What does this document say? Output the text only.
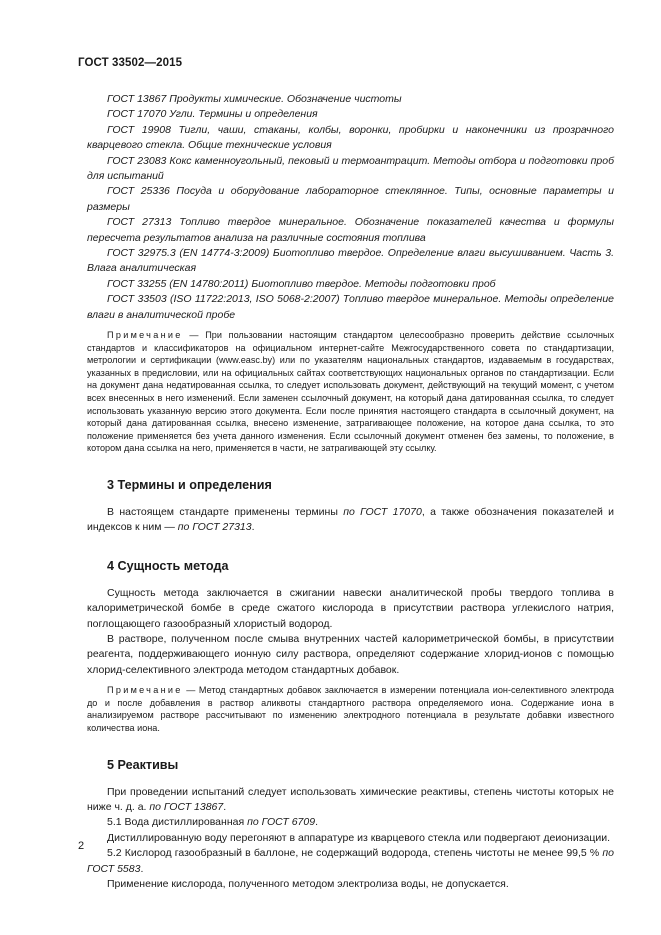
ГОСТ 33502—2015

ГОСТ 13867 Продукты химические. Обозначение чистоты

ГОСТ 17070 Угли. Термины и определения

ГОСТ 19908 Тигли, чаши, стаканы, колбы, воронки, пробирки и наконечники из прозрачного кварцевого стекла. Общие технические условия

ГОСТ 23083 Кокс каменноугольный, пековый и термоантрацит. Методы отбора и подготовки проб для испытаний

ГОСТ 25336 Посуда и оборудование лабораторное стеклянное. Типы, основные параметры и размеры

ГОСТ 27313 Топливо твердое минеральное. Обозначение показателей качества и формулы пересчета результатов анализа на различные состояния топлива

ГОСТ 32975.3 (EN 14774-3:2009) Биотопливо твердое. Определение влаги высушиванием. Часть 3. Влага аналитическая

ГОСТ 33255 (EN 14780:2011) Биотопливо твердое. Методы подготовки проб

ГОСТ 33503 (ISO 11722:2013, ISO 5068-2:2007) Топливо твердое минеральное. Методы определение влаги в аналитической пробе

Примечание — При пользовании настоящим стандартом целесообразно проверить действие ссылочных стандартов и классификаторов на официальном интернет-сайте Межгосударственного совета по стандартизации, метрологии и сертификации (www.easc.by) или по указателям национальных стандартов, издаваемым в государствах, указанных в предисловии, или на официальных сайтах соответствующих национальных органов по стандартизации. Если на документ дана недатированная ссылка, то следует использовать документ, действующий на текущий момент, с учетом всех внесенных в него изменений. Если заменен ссылочный документ, на который дана датированная ссылка, то следует использовать указанную версию этого документа. Если после принятия настоящего стандарта в ссылочный документ, на который дана датированная ссылка, внесено изменение, затрагивающее положение, на которое дана ссылка, то это положение применяется без учета данного изменения. Если ссылочный документ отменен без замены, то положение, в котором дана ссылка на него, применяется в части, не затрагивающей эту ссылку.

3 Термины и определения

В настоящем стандарте применены термины по ГОСТ 17070, а также обозначения показателей и индексов к ним — по ГОСТ 27313.

4 Сущность метода

Сущность метода заключается в сжигании навески аналитической пробы твердого топлива в калориметрической бомбе в среде сжатого кислорода в присутствии раствора углекислого натрия, поглощающего газообразный хлористый водород.

В растворе, полученном после смыва внутренних частей калориметрической бомбы, в присутствии реагента, поддерживающего ионную силу раствора, определяют содержание хлорид-ионов с помощью хлорид-селективного электрода методом стандартных добавок.

Примечание — Метод стандартных добавок заключается в измерении потенциала ион-селективного электрода до и после добавления в раствор аликвоты стандартного раствора определяемого иона. Содержание иона в анализируемом растворе рассчитывают по изменению электродного потенциала в результате добавки известного количества иона.

5 Реактивы

При проведении испытаний следует использовать химические реактивы, степень чистоты которых не ниже ч. д. а. по ГОСТ 13867.

5.1 Вода дистиллированная по ГОСТ 6709.

Дистиллированную воду перегоняют в аппаратуре из кварцевого стекла или подвергают деионизации.

5.2 Кислород газообразный в баллоне, не содержащий водорода, степень чистоты не менее 99,5 % по ГОСТ 5583.

Применение кислорода, полученного методом электролиза воды, не допускается.

2
